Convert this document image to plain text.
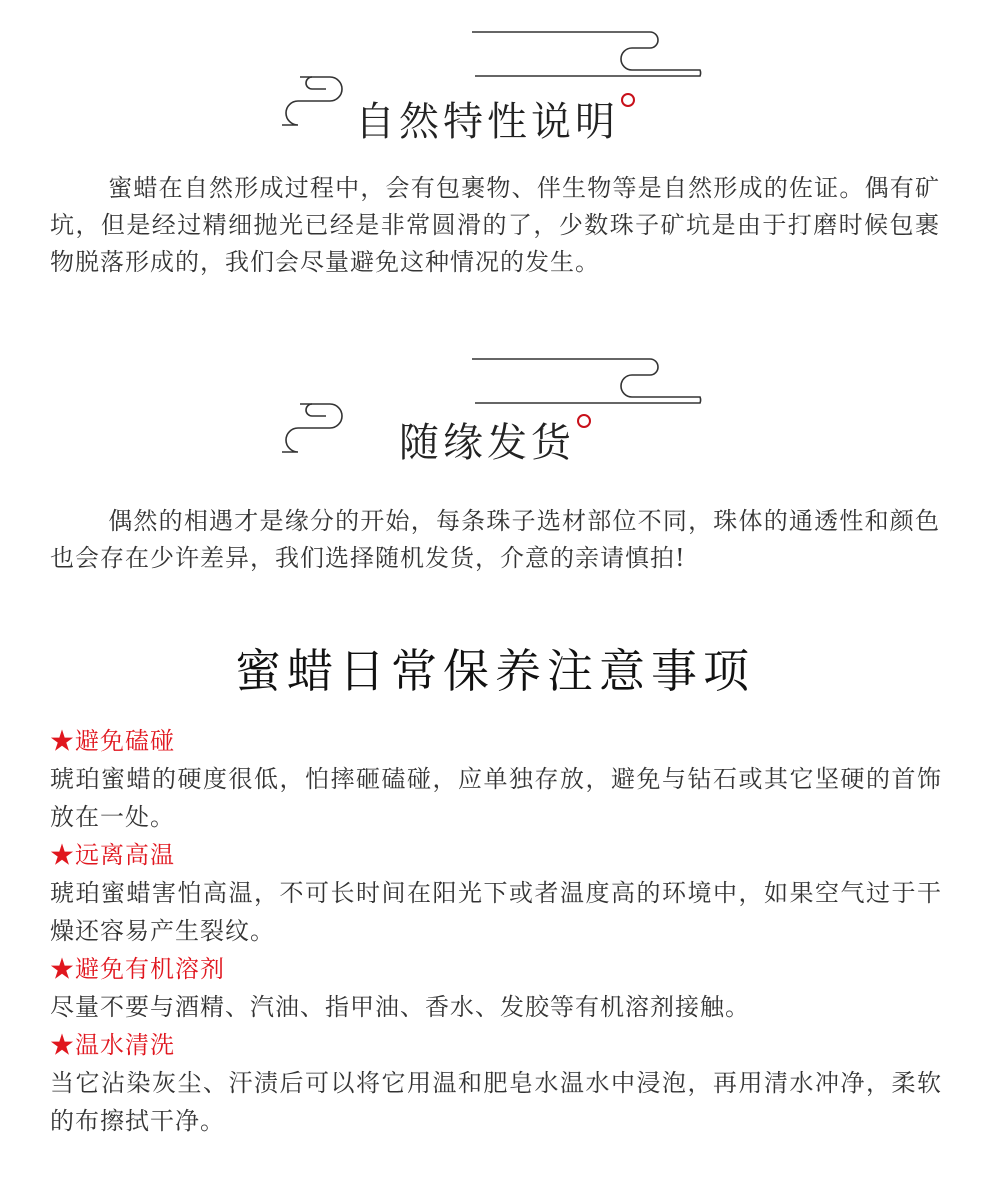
自然特性说明
蜜蜡在自然形成过程中，会有包裹物、伴生物等是自然形成的佐证。偶有矿坑，但是经过精细抛光已经是非常圆滑的了，少数珠子矿坑是由于打磨时候包裹物脱落形成的，我们会尽量避免这种情况的发生。
随缘发货
偶然的相遇才是缘分的开始，每条珠子选材部位不同，珠体的通透性和颜色也会存在少许差异，我们选择随机发货，介意的亲请慎拍!
蜜蜡日常保养注意事项
★避免磕碰
琥珀蜜蜡的硬度很低，怕摔砸磕碰，应单独存放，避免与钻石或其它坚硬的首饰放在一处。
★远离高温
琥珀蜜蜡害怕高温，不可长时间在阳光下或者温度高的环境中，如果空气过于干燥还容易产生裂纹。
★避免有机溶剂
尽量不要与酒精、汽油、指甲油、香水、发胶等有机溶剂接触。
★温水清洗
当它沾染灰尘、汗渍后可以将它用温和肥皂水温水中浸泡，再用清水冲净，柔软的布擦拭干净。
